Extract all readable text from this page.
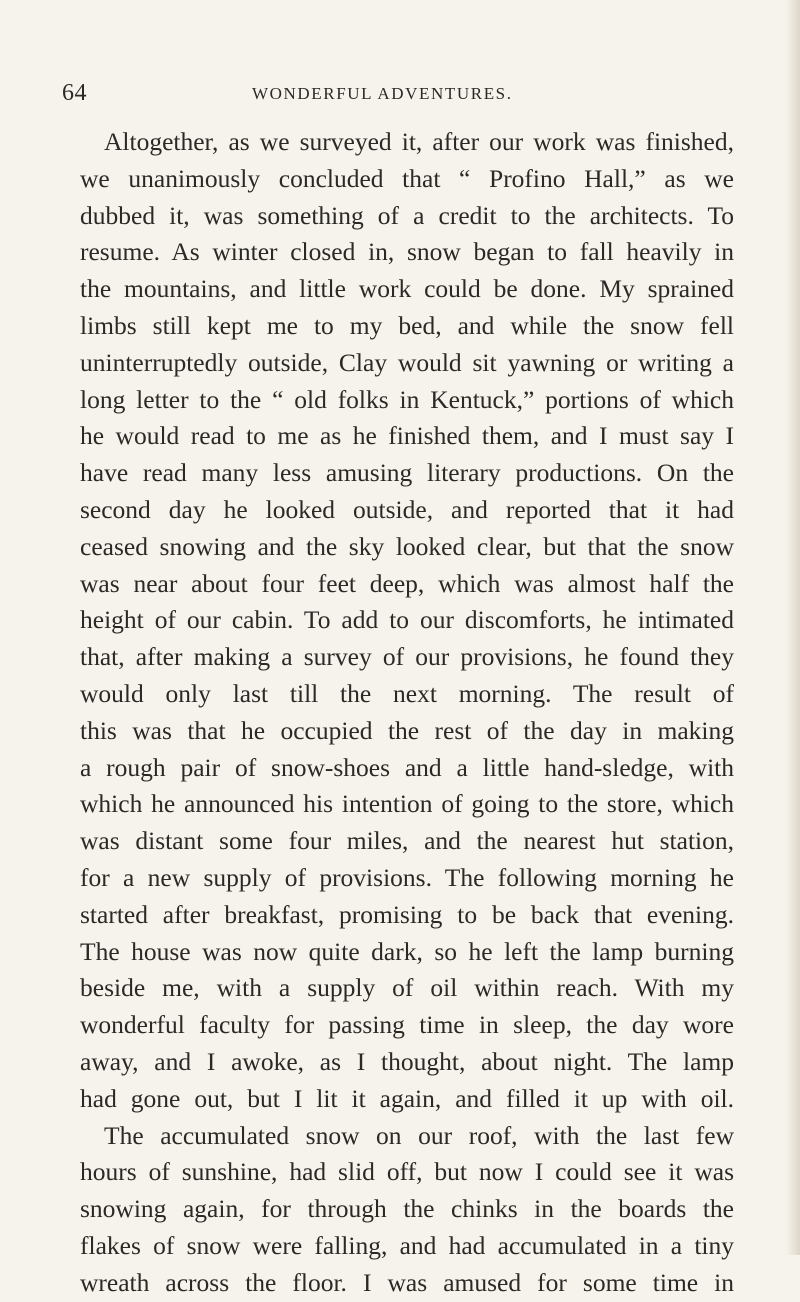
64	WONDERFUL ADVENTURES.
Altogether, as we surveyed it, after our work was finished,
we unanimously concluded that “ Profino Hall,” as we
dubbed it, was something of a credit to the architects. To
resume. As winter closed in, snow began to fall heavily in
the mountains, and little work could be done. My sprained
limbs still kept me to my bed, and while the snow fell
uninterruptedly outside, Clay would sit yawning or writing a
long letter to the “ old folks in Kentuck,” portions of which
he would read to me as he finished them, and I must say I
have read many less amusing literary productions. On the
second day he looked outside, and reported that it had
ceased snowing and the sky looked clear, but that the snow
was near about four feet deep, which was almost half the
height of our cabin. To add to our discomforts, he intimated
that, after making a survey of our provisions, he found they
would only last till the next morning. The result of
this was that he occupied the rest of the day in making
a rough pair of snow-shoes and a little hand-sledge, with
which he announced his intention of going to the store, which
was distant some four miles, and the nearest hut station,
for a new supply of provisions. The following morning he
started after breakfast, promising to be back that evening.
The house was now quite dark, so he left the lamp burning
beside me, with a supply of oil within reach. With my
wonderful faculty for passing time in sleep, the day wore
away, and I awoke, as I thought, about night. The lamp
had gone out, but I lit it again, and filled it up with oil.
The accumulated snow on our roof, with the last few
hours of sunshine, had slid off, but now I could see it was
snowing again, for through the chinks in the boards the
flakes of snow were falling, and had accumulated in a tiny
wreath across the floor. I was amused for some time in
